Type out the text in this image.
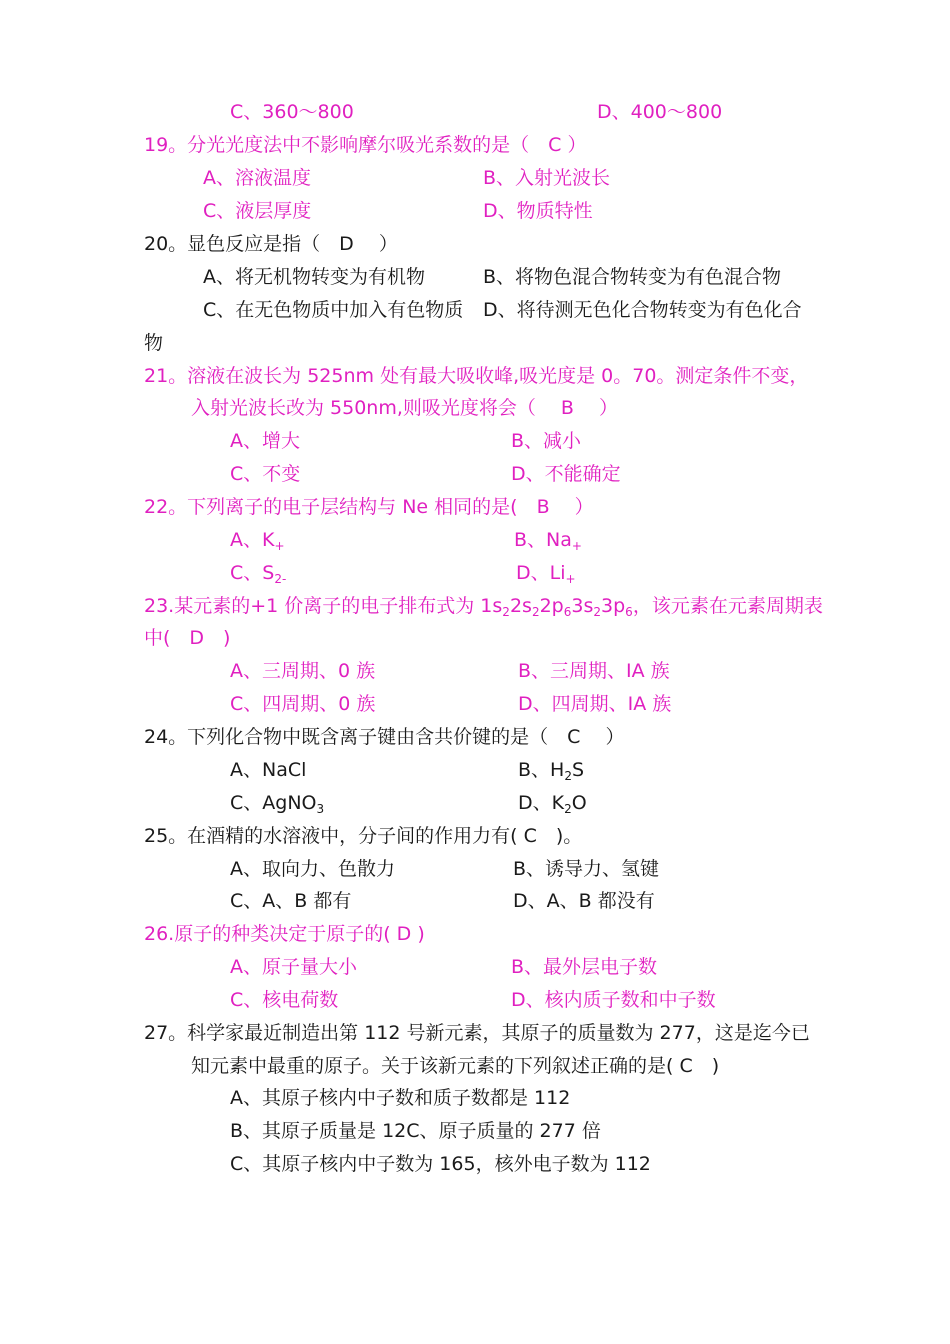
C、360～800	D、400～800
19。分光光度法中不影响摩尔吸光系数的是（　C ）
A、溶液温度	B、入射光波长
C、液层厚度	D、物质特性
20。显色反应是指（　D　 ）
A、将无机物转变为有机物	B、将物色混合物转变为有色混合物
C、在无色物质中加入有色物质 D、将待测无色化合物转变为有色化合
物
21。溶液在波长为 525nm 处有最大吸收峰,吸光度是 0。70。测定条件不变，
入射光波长改为 550nm,则吸光度将会（　 B　 ）
A、增大	B、减小
C、不变	D、不能确定
22。下列离子的电子层结构与 Ne 相同的是(　B　 ）
A、$K_+$	B、$Na_+$
C、$S_{2-}$	D、$Li_+$
23.某元素的+1 价离子的电子排布式为 $1s_22s_22p_63s_23p_6$，该元素在元素周期表
中(　D　)
A、三周期、0 族	B、三周期、IA 族
C、四周期、0 族	D、四周期、IA 族
24。下列化合物中既含离子键由含共价键的是（　C　 ）
A、NaCl	B、$H_2S$
C、AgNO$_3$	D、$K_2O$
25。在酒精的水溶液中，分子间的作用力有( C　)。
A、取向力、色散力	B、诱导力、氢键
C、A、B 都有	D、A、B 都没有
26.原子的种类决定于原子的( D )
A、原子量大小	B、最外层电子数
C、核电荷数	D、核内质子数和中子数
27。科学家最近制造出第 112 号新元素，其原子的质量数为 277，这是迄今已
知元素中最重的原子。关于该新元素的下列叙述正确的是( C　)
A、其原子核内中子数和质子数都是 112
B、其原子质量是 12C、原子质量的 277 倍
C、其原子核内中子数为 165，核外电子数为 112
